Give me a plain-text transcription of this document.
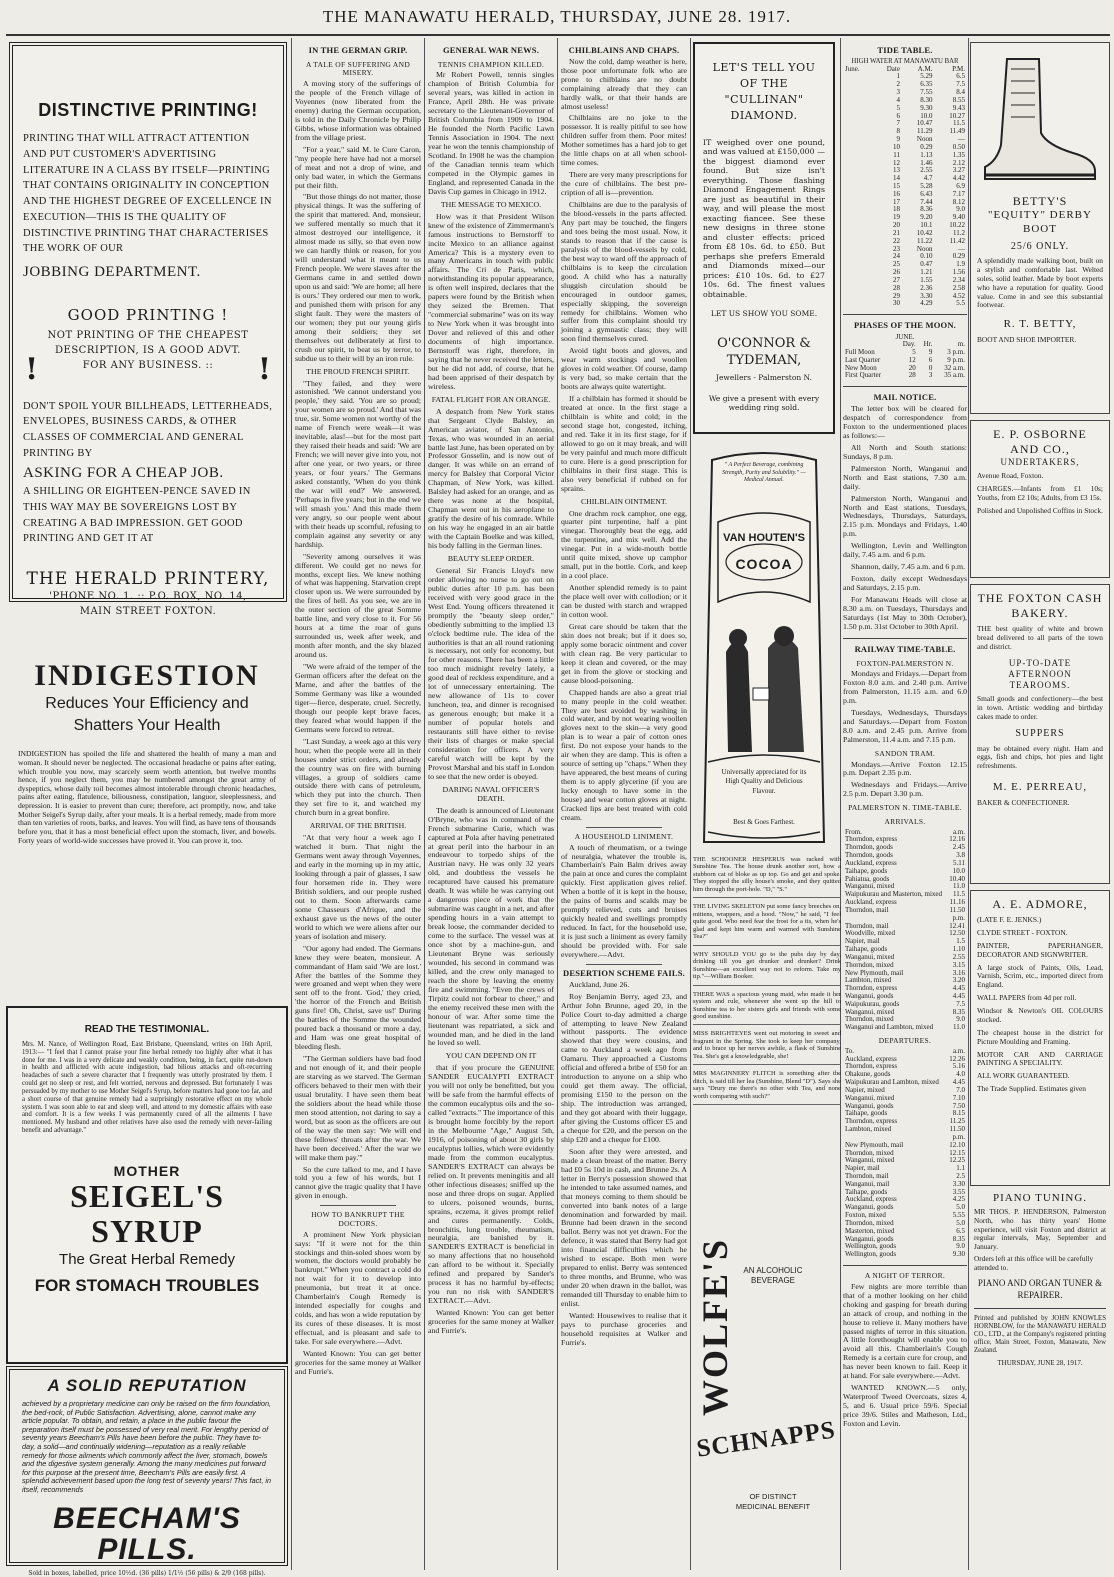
THE MANAWATU HERALD, THURSDAY, JUNE 28. 1917.
DISTINCTIVE PRINTING!
PRINTING THAT WILL ATTRACT ATTENTION AND PUT CUSTOMER'S ADVERTISING LITERATURE IN A CLASS BY ITSELF—PRINTING THAT CONTAINS ORIGINALITY IN CONCEPTION AND THE HIGHEST DEGREE OF EXCELLENCE IN EXECUTION—THIS IS THE QUALITY OF DISTINCTIVE PRINTING THAT CHARACTERISES THE WORK OF OUR
JOBBING DEPARTMENT.
GOOD PRINTING !
NOT PRINTING OF THE CHEAPEST DESCRIPTION, IS A GOOD ADVT. FOR ANY BUSINESS. ::
!	!
DON'T SPOIL YOUR BILLHEADS, LETTERHEADS, ENVELOPES, BUSINESS CARDS, & OTHER CLASSES OF COMMERCIAL AND GENERAL PRINTING BY
ASKING FOR A CHEAP JOB.
A SHILLING OR EIGHTEEN-PENCE SAVED IN THIS WAY MAY BE SOVEREIGNS LOST BY CREATING A BAD IMPRESSION. GET GOOD PRINTING AND GET IT AT
THE HERALD PRINTERY,
'PHONE NO. 1. :: P.O. BOX, NO. 14,
MAIN STREET FOXTON.
INDIGESTION
Reduces Your Efficiency and Shatters Your Health
INDIGESTION has spoiled the life and shattered the health of many a man and woman. It should never be neglected. The occasional headache or pains after eating, which trouble you now, may scarcely seem worth attention, but twelve months hence, if you neglect them, you may be numbered amongst the great army of dyspeptics, whose daily toil becomes almost intolerable through chronic headaches, pains after eating, flatulence, biliousness, constipation, languor, sleeplessness, and depression. It is easier to prevent than cure; therefore, act promptly, now, and take Mother Seigel's Syrup daily, after your meals. It is a herbal remedy, made from more than ten varieties of roots, barks, and leaves. You will find, as have tens of thousands before you, that it has a most beneficial effect upon the stomach, liver, and bowels. Forty years of world-wide successes have proved it. You can prove it, too.
READ THE TESTIMONIAL.
Mrs. M. Nance, of Wellington Road, East Brisbane, Queensland, writes on 16th April, 1913:— "I feel that I cannot praise your fine herbal remedy too highly after what it has done for me. I was in a very delicate and weakly condition, being, in fact, quite run-down in health and afflicted with acute indigestion, bad bilious attacks and oft-recurring headaches of such a severe character that I frequently was utterly prostrated by them. I could get no sleep or rest, and felt worried, nervous and depressed. But fortunately I was persuaded by my mother to use Mother Seigel's Syrup, before matters had gone too far, and a short course of that genuine remedy had a surprisingly restorative effect on my whole system. I was soon able to eat and sleep well, and attend to my domestic affairs with ease and comfort. It is a few weeks I was permanently cured of all the ailments I have mentioned. My husband and other relatives have also used the remedy with never-failing benefit and advantage."
MOTHER
SEIGEL'S SYRUP
The Great Herbal Remedy
FOR STOMACH TROUBLES
A SOLID REPUTATION
achieved by a proprietary medicine can only be raised on the firm foundation, the bed-rock, of Public Satisfaction. Advertising, alone, cannot make any article popular. To obtain, and retain, a place in the public favour the preparation itself must be possessed of very real merit. For lengthy period of seventy years Beecham's Pills have been before the public. They have to-day, a solid—and continually widening—reputation as a really reliable remedy for those ailments which commonly affect the liver, stomach, bowels and the digestive system generally. Among the many medicines put forward for this purpose at the present time, Beecham's Pills are easily first. A splendid achievement based upon the long test of seventy years! This fact, in itself, recommends
BEECHAM'S PILLS.
Sold in boxes, labelled, price 10½d. (36 pills) 1/1½ (56 pills) & 2/9 (168 pills).
IN THE GERMAN GRIP.
A TALE OF SUFFERING AND MISERY.

A moving story of the sufferings of the people of the French village of Voyennes (now liberated from the enemy) during the German occupation, is told in the Daily Chronicle by Philip Gibbs, whose information was obtained from the village priest.

"For a year," said M. le Cure Caron, "my people here have had not a morsel of meat and not a drop of wine, and only bad water, in which the Germans put their filth.

"But those things do not matter, those physical things. It was the suffering of the spirit that mattered. And, monsieur, we suffered mentally so much that it almost destroyed our intelligence, it almost made us silly, so that even now we can hardly think or reason, for you will understand what it meant to us French people. We were slaves after the Germans came in and settled down upon us and said: 'We are home; all here is ours.' They ordered our men to work, and punished them with prison for any slight fault. They were the masters of our women; they put our young girls among their soldiers; they set themselves out deliberately at first to crush our spirit, to beat us by terror, to subdue us to their will by an iron rule.

THE PROUD FRENCH SPIRIT.

"They failed, and they were astonished. 'We cannot understand you people,' they said. 'You are so proud; your women are so proud.' And that was true, sir. Some women not worthy of the name of French were weak—it was inevitable, alas!—but for the most part they raised their heads and said: 'We are French; we will never give into you, not after one year, or two years, or three years, or four years.' The Germans asked constantly, 'When do you think the war will end?' We answered, 'Perhaps in five years; but in the end we will smash you.' And this made them very angry, so our people went about with their heads up scornful, refusing to complain against any severity or any hardship.

"Severity among ourselves it was different. We could get no news for months, except lies. We knew nothing of what was happening. Starvation crept closer upon us. We were surrounded by the fires of hell. As you see, we are in the outer section of the great Somme battle line, and very close to it. For 56 hours at a time the roar of guns surrounded us, week after week, and month after month, and the sky blazed around us.

"We were afraid of the temper of the German officers after the defeat on the Marne, and after the battles of the Somme Germany was like a wounded tiger—fierce, desperate, cruel. Secretly, though our people kept brave faces, they feared what would happen if the Germans were forced to retreat.

"Last Sunday, a week ago at this very hour, when the people were all in their houses under strict orders, and already the country was on fire with burning villages, a group of soldiers came outside there with cans of petroleum, which they put into the church. Then they set fire to it, and watched my church burn in a great bonfire.

ARRIVAL OF THE BRITISH.

"At that very hour a week ago I watched it burn. That night the Germans went away through Voyennes, and early in the morning up in my attic, looking through a pair of glasses, I saw four horsemen ride in. They were British soldiers, and our people rushed out to them. Soon afterwards came some Chasseurs d'Afrique, and the exhaust gave us the news of the outer world to which we were aliens after our years of isolation and misery.

"Our agony had ended. The Germans knew they were beaten, monsieur. A commandant of Ham said 'We are lost.' After the battles of the Somme they were groaned and wept when they were sent off to the front. 'God,' they cried, 'the horror of the French and British guns fire! Oh, Christ, save us!' During the battles of the Somme the wounded poured back a thousand or more a day, and Ham was one great hospital of bleeding flesh.

"The German soldiers have bad food and not enough of it, and their people are starving as we starved. The German officers behaved to their men with their usual brutality. I have seen them beat the soldiers about the head while those men stood attention, not daring to say a word, but as soon as the officers are out of the way the men say: 'We will end these fellows' throats after the war. We have been deceived.' After the war we will make them pay.'"

So the cure talked to me, and I have told you a few of his words, but I cannot give the tragic quality that I have given in enough.

HOW TO BANKRUPT THE DOCTORS.

A prominent New York physician says: "If it were not for the thin stockings and thin-soled shoes worn by women, the doctors would probably be bankrupt." When you contract a cold do not wait for it to develop into pneumonia, but treat it at once. Chamberlain's Cough Remedy is intended especially for coughs and colds, and has won a wide reputation by its cures of these diseases. It is most effectual, and is pleasant and safe to take. For sale everywhere.—Advt.

Wanted Known: You can get better groceries for the same money at Walker and Furrie's.

GENERAL WAR NEWS.
TENNIS CHAMPION KILLED.

Mr Robert Powell, tennis singles champion of British Columbia for several years, was killed in action in France, April 28th. He was private secretary to the Lieutenant-Governor of British Columbia from 1909 to 1904. He founded the North Pacific Lawn Tennis Association in 1904. The next year he won the tennis championship of Scotland. In 1908 he was the champion of the Canadian tennis team which competed in the Olympic games in England, and represented Canada in the Davis Cup games in Chicago in 1912.

THE MESSAGE TO MEXICO.

How was it that President Wilson knew of the existence of Zimmermann's famous instructions to Bernstorff to incite Mexico to an alliance against America? This is a mystery even to many Americans in touch with public affairs. The Cri de Paris, which, notwithstanding its popular appearance, is often well inspired, declares that the papers were found by the British when they seized the Bremen. That "commercial submarine" was on its way to New York when it was brought into Dover and relieved of this and other documents of high importance. Bernstorff was right, therefore, in saying that he never received the letters, but he did not add, of course, that he had been apprised of their despatch by wireless.

FATAL FLIGHT FOR AN ORANGE.

A despatch from New York states that Sergeant Clyde Balsley, an American aviator, of San Antonio, Texas, who was wounded in an aerial battle last June, has been operated on by Professor Gosselin, and is now out of danger. It was while on an errand of mercy for Balsley that Corporal Victor Chapman, of New York, was killed. Balsley had asked for an orange, and as there was none at the hospital, Chapman went out in his aeroplane to gratify the desire of his comrade. While on his way he engaged in an air battle with the Captain Boelke and was killed, his body falling in the German lines.

BEAUTY SLEEP ORDER.

General Sir Francis Lloyd's new order allowing no nurse to go out on public duties after 10 p.m. has been received with very good grace in the West End. Young officers threatened it promptly the "beauty sleep order," obediently submitting to the implied 13 o'clock bedtime rule. The idea of the authorities is that an all round rationing is necessary, not only for economy, but for other reasons. There has been a little too much midnight revelry lately, a good deal of reckless expenditure, and a lot of unnecessary entertaining. The new allowance of 11s to cover luncheon, tea, and dinner is recognised as generous enough; but make it a number of popular hotels and restaurants still have either to revise their lists of charges or make special consideration for officers. A very careful watch will be kept by the Provost Marshal and his staff in London to see that the new order is obeyed.

DARING NAVAL OFFICER'S DEATH.

The death is announced of Lieutenant O'Bryne, who was in command of the French submarine Curie, which was captured at Pola after having penetrated at great peril into the harbour in an endeavour to torpedo ships of the Austrian navy. He was only 32 years old, and doubtless the vessels he recaptured have caused his premature death. It was while he was carrying out a dangerous piece of work that the submarine was caught in a net, and after spending hours in a vain attempt to break loose, the commander decided to come to the surface. The vessel was at once shot by a machine-gun, and Lieutenant Bryne was seriously wounded, his second in command was killed, and the crew only managed to reach the shore by leaving the enemy fire and swimming. "Even the crews of Tirpitz could not forbear to cheer," and the enemy received these men with the honour of war. After some time the lieutenant was repatriated, a sick and wounded man, and he died in the land he loved so well.

YOU CAN DEPEND ON IT

that if you procure the GENUINE SANDER EUCALYPTI EXTRACT you will not only be benefitted, but you will be safe from the harmful effects of the common eucalyptus oils and the so-called "extracts." The importance of this is brought home forcibly by the report in the Melbourne "Age," August 5th, 1916, of poisoning of about 30 girls by eucalyptus lollies, which were evidently made from the common eucalyptus. SANDER'S EXTRACT can always be relied on. It prevents meningitis and all other infectious diseases; sniffed up the nose and three drops on sugar. Applied to ulcers, poisoned wounds, burns, sprains, eczema, it gives prompt relief and cures permanently. Colds, bronchitis, lung trouble, rheumatism, neuralgia, are banished by it. SANDER'S EXTRACT is beneficial in so many affections that no household can afford to be without it. Specially refined and prepared by Sander's process it has no harmful by-effects; you run no risk with SANDER'S EXTRACT.—Advt.

Wanted Known: You can get better groceries for the same money at Walker and Furrie's.

CHILBLAINS AND CHAPS.

Now the cold, damp weather is here, those poor unfortunate folk who are prone to chilblains are no doubt complaining already that they can hardly walk, or that their hands are almost useless!

Chilblains are no joke to the possessor. It is really pitiful to see how children suffer from them. Poor mites! Mother sometimes has a hard job to get the little chaps on at all when school-time comes.

There are very many prescriptions for the cure of chilblains. The best pre-cription of all is—prevention.

Chilblains are due to the paralysis of the blood-vessels in the parts affected. Any part may be touched, the fingers and toes being the most usual. Now, it stands to reason that if the cause is paralysis of the blood-vessels by cold, the best way to ward off the approach of chilblains is to keep the circulation good. A child who has a naturally sluggish circulation should be encouraged in outdoor games, especially skipping, the sovereign remedy for chilblains. Women who suffer from this complaint should try joining a gymnastic class; they will soon find themselves cured.

Avoid tight boots and gloves, and wear warm stockings and woollen gloves in cold weather. Of course, damp is very bad, so make certain that the boots are always quite watertight.

If a chilblain has formed it should be treated at once. In the first stage a chilblain is white and cold; in the second stage hot, congested, itching, and red. Take it in its first stage, for if allowed to go on it may break, and will be very painful and much more difficult to cure. Here is a good prescription for chilblains in their first stage. This is also very beneficial if rubbed on for sprains.

CHILBLAIN OINTMENT.

One drachm rock camphor, one egg, quarter pint turpentine, half a pint vinegar. Thoroughly beat the egg, add the turpentine, and mix well. Add the vinegar. Put in a wide-mouth bottle until quite mixed, shove up camphor small, put in the bottle. Cork, and keep in a cool place.

Another splendid remedy is to paint the place well over with collodion; or it can be dusted with starch and wrapped in cotton wool.

Great care should be taken that the skin does not break; but if it does so, apply some boracic ointment and cover with clean rag. Be very particular to keep it clean and covered, or the may get in from the glove or stocking and cause blood-poisoning.

Chapped hands are also a great trial to many people in the cold weather. They are best avoided by washing in cold water, and by not wearing woollen gloves next to the skin—a very good plan is to wear a pair of cotton ones first. Do not expose your hands to the air when they are damp. This is often a source of setting up "chaps." When they have appeared, the best means of curing them is to apply glycerine (if you are lucky enough to have some in the house) and wear cotton gloves at night. Cracked lips are best treated with cold cream.

A HOUSEHOLD LINIMENT.

A touch of rheumatism, or a twinge of neuralgia, whatever the trouble is, Chamberlain's Pain Balm drives away the pain at once and cures the complaint quickly. First application gives relief. When a bottle of it is kept in the house, the pains of burns and scalds may be promptly relieved, cuts and bruises quickly healed and swellings promptly reduced. In fact, for the household use, it is just such a liniment as every family should be provided with. For sale everywhere.—Advt.

DESERTION SCHEME FAILS.

Auckland, June 26.

Roy Benjamin Berry, aged 23, and Arthur John Brunne, aged 20, in the Police Court to-day admitted a charge of attempting to leave New Zealand without passports. The evidence showed that they were cousins, and came to Auckland a week ago from Oamaru. They approached a Customs official and offered a bribe of £50 for an introduction to anyone on a ship who could get them away. The official, promising £150 to the person on the ship. The introduction was arranged, and they got aboard with their luggage, after giving the Customs officer £5 and a cheque for £20, and the person on the ship £20 and a cheque for £100.

Soon after they were arrested, and made a clean breast of the matter. Berry had £0 5s 10d in cash, and Brunne 2s. A letter in Berry's possession showed that he intended to take assumed names, and that moneys coming to them should be converted into bank notes of a large denomination and forwarded by mail. Brunne had been drawn in the second ballot. Berry was not yet drawn. For the defence, it was stated that Berry had got into financial difficulties which he wished to escape. Both men were prepared to enlist. Berry was sentenced to three months, and Brunne, who was under 20 when drawn in the ballot, was remanded till Thursday to enable him to enlist.

Wanted: Housewives to realise that it pays to purchase groceries and household requisites at Walker and Furrie's.

LET'S TELL YOU OF THE "CULLINAN" DIAMOND.
IT weighed over one pound, and was valued at £150,000 —the biggest diamond ever found. But size isn't everything. Those flashing Diamond Engagement Rings are just as beautiful in their way, and will please the most exacting fiancee. See these new designs in three stone and cluster effects: priced from £8 10s. 6d. to £50. But perhaps she prefers Emerald and Diamonds mixed—our prices: £10 10s. 6d. to £27 10s. 6d. The finest values obtainable.
LET US SHOW YOU SOME.
O'CONNOR & TYDEMAN,
Jewellers - Palmerston N.
We give a present with every wedding ring sold.
" A Perfect Beverage, combining Strength, Purity and Solubility." — Medical Annual.
VAN HOUTEN'S
COCOA
Universally appreciated for its High Quality and Delicious Flavour.
Best & Goes Farthest.
THE SCHOONER HESPERUS was racked with Sunshine Tea. The house drunk another sort, how a stubborn cat of bloke as up top. Go and get and spoke. They stopped the silly house's smoke, and they quitted him through the port-hole. "D," "S."
THE LIVING SKELETON put some fancy breeches on, mittens, wrappers, and a hood. "Now," he said, "I feel quite good. Who need fear the frost for a tis, when he's glad and kept him warm and warmed with Sunshine Tea?"
WHY SHOULD YOU go to the pubs day by day, drinking till you get drunker and drunker? Drink Sunshine—an excellent way not to reform. Take my tip."—William Booker.
THERE WAS a spacious young maid, who made it her system and rule, whenever she went up the hill to Sunshine tea to her sisters girls and friends with some good sunshine.
MISS BRIGHTEYES went out motoring in sweet and fragrant in the Spring. She took to keep her company, and to brace up her nerves awhile, a flask of Sunshine Tea. She's got a knowledgeable, she!
MRS MAGINNERY FLITCH is something after the ditch, is said till her lea (Sunshine, Blend "D"). Says she says "Drury me there's no other with Tea, and none worth comparing with such?"
WOLFE'S
SCHNAPPS
AN ALCOHOLIC BEVERAGE
OF DISTINCT MEDICINAL BENEFIT
TIDE TABLE.
HIGH WATER AT MANAWATU BAR
June.	Date	A.M.	P.M.
	1	5.29	6.5
	2	6.35	7.5
	3	7.55	8.4
	4	8.30	8.55
	5	9.30	9.43
	6	10.0	10.27
	7	10.47	11.5
	8	11.29	11.49
	9	Noon	—
	10	0.29	0.50
	11	1.13	1.35
	12	1.46	2.12
	13	2.55	3.27
	14	4.7	4.42
	15	5.28	6.9
	16	6.43	7.17
	17	7.44	8.12
	18	8.36	9.0
	19	9.20	9.40
	20	10.1	10.22
	21	10.42	11.2
	22	11.22	11.42
	23	Noon	—
	24	0.10	0.29
	25	0.47	1.9
	26	1.21	1.56
	27	1.55	2.34
	28	2.36	2.58
	29	3.30	4.52
	30	4.29	5.5
PHASES OF THE MOON.
JUNE.
	Day.	Hr.	m.
Full Moon	5	9	3 p.m.
Last Quarter	12	6	9 p.m.
New Moon	20	0	32 a.m.
First Quarter	28	3	35 a.m.
MAIL NOTICE.

The letter box will be cleared for despatch of correspondence from Foxton to the undermentioned places as follows:—

All North and South stations: Sundays, 8 p.m.

Palmerston North, Wanganui and North and East stations, 7.30 a.m. daily.

Palmerston North, Wanganui and North and East stations, Tuesdays, Wednesdays, Thursdays, Saturdays, 2.15 p.m. Mondays and Fridays, 1.40 p.m.

Wellington, Levin and Wellington daily, 7.45 a.m. and 6 p.m.

Shannon, daily, 7.45 a.m. and 6 p.m.

Foxton, daily except Wednesdays and Saturdays, 2.15 p.m.

For Manawatu Heads will close at 8.30 a.m. on Tuesdays, Thursdays and Saturdays (1st May to 30th October), 1.50 p.m. 31st October to 30th April.

RAILWAY TIME-TABLE.
FOXTON-PALMERSTON N.

Mondays and Fridays.—Depart from Foxton 8.0 a.m. and 2.40 p.m. Arrive from Palmerston, 11.15 a.m. and 6.0 p.m.

Tuesdays, Wednesdays, Thursdays and Saturdays.—Depart from Foxton 8.0 a.m. and 2.45 p.m. Arrive from Palmerston, 11.4 a.m. and 7.15 p.m.

SANDON TRAM.

Mondays.—Arrive Foxton 12.15 p.m. Depart 2.35 p.m.

Wednesdays and Fridays.—Arrive 2.5 p.m. Depart 3.30 p.m.

PALMERSTON N. TIME-TABLE.
ARRIVALS.
From.	a.m.
Thorndon, express	12.16
Thorndon, goods	2.45
Thorndon, goods	3.8
Auckland, express	5.11
Taihape, goods	10.0
Pahiatua, goods	10.40
Wanganui, mixed	11.0
Waipukurau and Masterton, mixed	11.5
Auckland, express	11.16
Thorndon, mail	11.50
	p.m.
Thorndon, mail	12.41
Woodville, mixed	12.50
Napier, mail	1.5
Taihape, goods	1.10
Wanganui, mixed	2.55
Thorndon, mixed	3.15
New Plymouth, mail	3.16
Lambton, mixed	3.20
Thorndon, express	4.45
Wanganui, goods	4.45
Waipukurau, goods	7.5
Wanganui, mixed	8.35
Thorndon, mixed	9.0
Wanganui and Lambton, mixed	11.0
DEPARTURES.
To.	a.m.
Auckland, express	12.26
Thorndon, express	5.16
Ohakune, goods	4.0
Waipukurau and Lambton, mixed	4.45
Napier, mixed	7.0
Wanganui, mixed	7.10
Wanganui, goods	7.50
Taihape, goods	8.15
Thorndon, express	11.25
Lambton, mixed	11.50
	p.m.
New Plymouth, mail	12.10
Thorndon, mixed	12.15
Wanganui, mixed	12.25
Napier, mail	1.1
Thorndon, mail	2.5
Wanganui, mail	3.30
Taihape, goods	3.55
Auckland, express	4.25
Wanganui, goods	5.0
Foxton, mixed	5.55
Thorndon, mixed	5.0
Masterton, mixed	6.5
Wanganui, goods	8.35
Wellington, goods	9.0
Wellington, goods	9.30
A NIGHT OF TERROR.

Few nights are more terrible than that of a mother looking on her child choking and gasping for breath during an attack of croup, and nothing in the house to relieve it. Many mothers have passed nights of terror in this situation. A little forethought will enable you to avoid all this. Chamberlain's Cough Remedy is a certain cure for croup, and has never been known to fail. Keep it at hand. For sale everywhere.—Advt.

WANTED KNOWN.—5 only, Waterproof Tweed Overcoats, sizes 4, 5, and 6. Usual price 59/6. Special price 39/6. Stiles and Matheson, Ltd., Foxton and Levin.

BETTY'S
"EQUITY" DERBY BOOT
25/6 ONLY.
A splendidly made walking boot, built on a stylish and comfortable last. Welted soles, solid leather. Made by boot experts who have a reputation for quality. Good value. Come in and see this substantial footwear.
R. T. BETTY,
BOOT AND SHOE IMPORTER.
E. P. OSBORNE AND CO.,
UNDERTAKERS,
Avenue Road, Foxton.
CHARGES.—Infants from £1 10s; Youths, from £2 10s; Adults, from £3 15s.
Polished and Unpolished Coffins in Stock.
THE FOXTON CASH BAKERY.
THE best quality of white and brown bread delivered to all parts of the town and district.
UP-TO-DATE AFTERNOON TEAROOMS.
Small goods and confectionery—the best in town. Artistic wedding and birthday cakes made to order.
SUPPERS
may be obtained every night. Ham and eggs, fish and chips, hot pies and light refreshments.
M. E. PERREAU,
BAKER & CONFECTIONER.
A. E. ADMORE,
(LATE F. E. JENKS.)
CLYDE STREET - FOXTON.
PAINTER, PAPERHANGER, DECORATOR AND SIGNWRITER.
A large stock of Paints, Oils, Lead, Varnish, Scrim, etc., imported direct from England.
WALL PAPERS from 4d per roll.
Windsor & Newton's OIL COLOURS stocked.
The cheapest house in the district for Picture Moulding and Framing.
MOTOR CAR AND CARRIAGE PAINTING A SPECIALITY.
ALL WORK GUARANTEED.
The Trade Supplied. Estimates given
PIANO TUNING.
MR THOS. P. HENDERSON, Palmerston North, who has thirty years' Home experience, will visit Foxton and district at regular intervals, May, September and January.
Orders left at this office will be carefully attended to.
PIANO AND ORGAN TUNER & REPAIRER.
Printed and published by JOHN KNOWLES HORNBLOW, for the MANAWATU HERALD CO., LTD., at the Company's registered printing office, Main Street, Foxton, Manawatu, New Zealand.
THURSDAY, JUNE 28, 1917.
